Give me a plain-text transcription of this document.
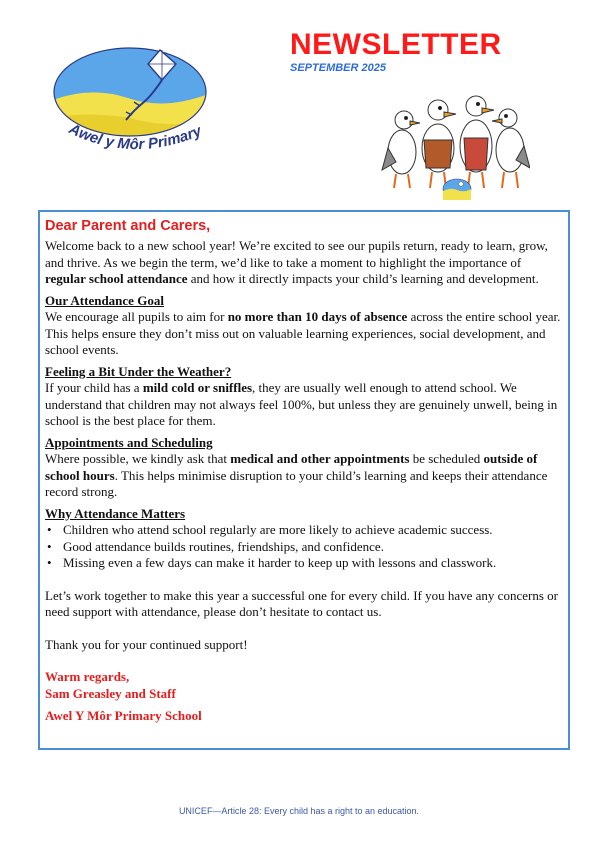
Awel y Môr Primary
NEWSLETTER
SEPTEMBER 2025
Dear Parent and Carers,

Welcome back to a new school year! We’re excited to see our pupils return, ready to learn, grow, and thrive. As we begin the term, we’d like to take a moment to highlight the importance of regular school attendance and how it directly impacts your child’s learning and development.

Our Attendance Goal

We encourage all pupils to aim for no more than 10 days of absence across the entire school year. This helps ensure they don’t miss out on valuable learning experiences, social development, and school events.

Feeling a Bit Under the Weather?

If your child has a mild cold or sniffles, they are usually well enough to attend school. We understand that children may not always feel 100%, but unless they are genuinely unwell, being in school is the best place for them.

Appointments and Scheduling

Where possible, we kindly ask that medical and other appointments be scheduled outside of school hours. This helps minimise disruption to your child’s learning and keeps their attendance record strong.

Why Attendance Matters
• Children who attend school regularly are more likely to achieve academic success.
• Good attendance builds routines, friendships, and confidence.
• Missing even a few days can make it harder to keep up with lessons and classwork.

Let’s work together to make this year a successful one for every child. If you have any concerns or need support with attendance, please don’t hesitate to contact us.

Thank you for your continued support!

Warm regards,
Sam Greasley and Staff
Awel Y Môr Primary School
UNICEF—Article 28: Every child has a right to an education.
